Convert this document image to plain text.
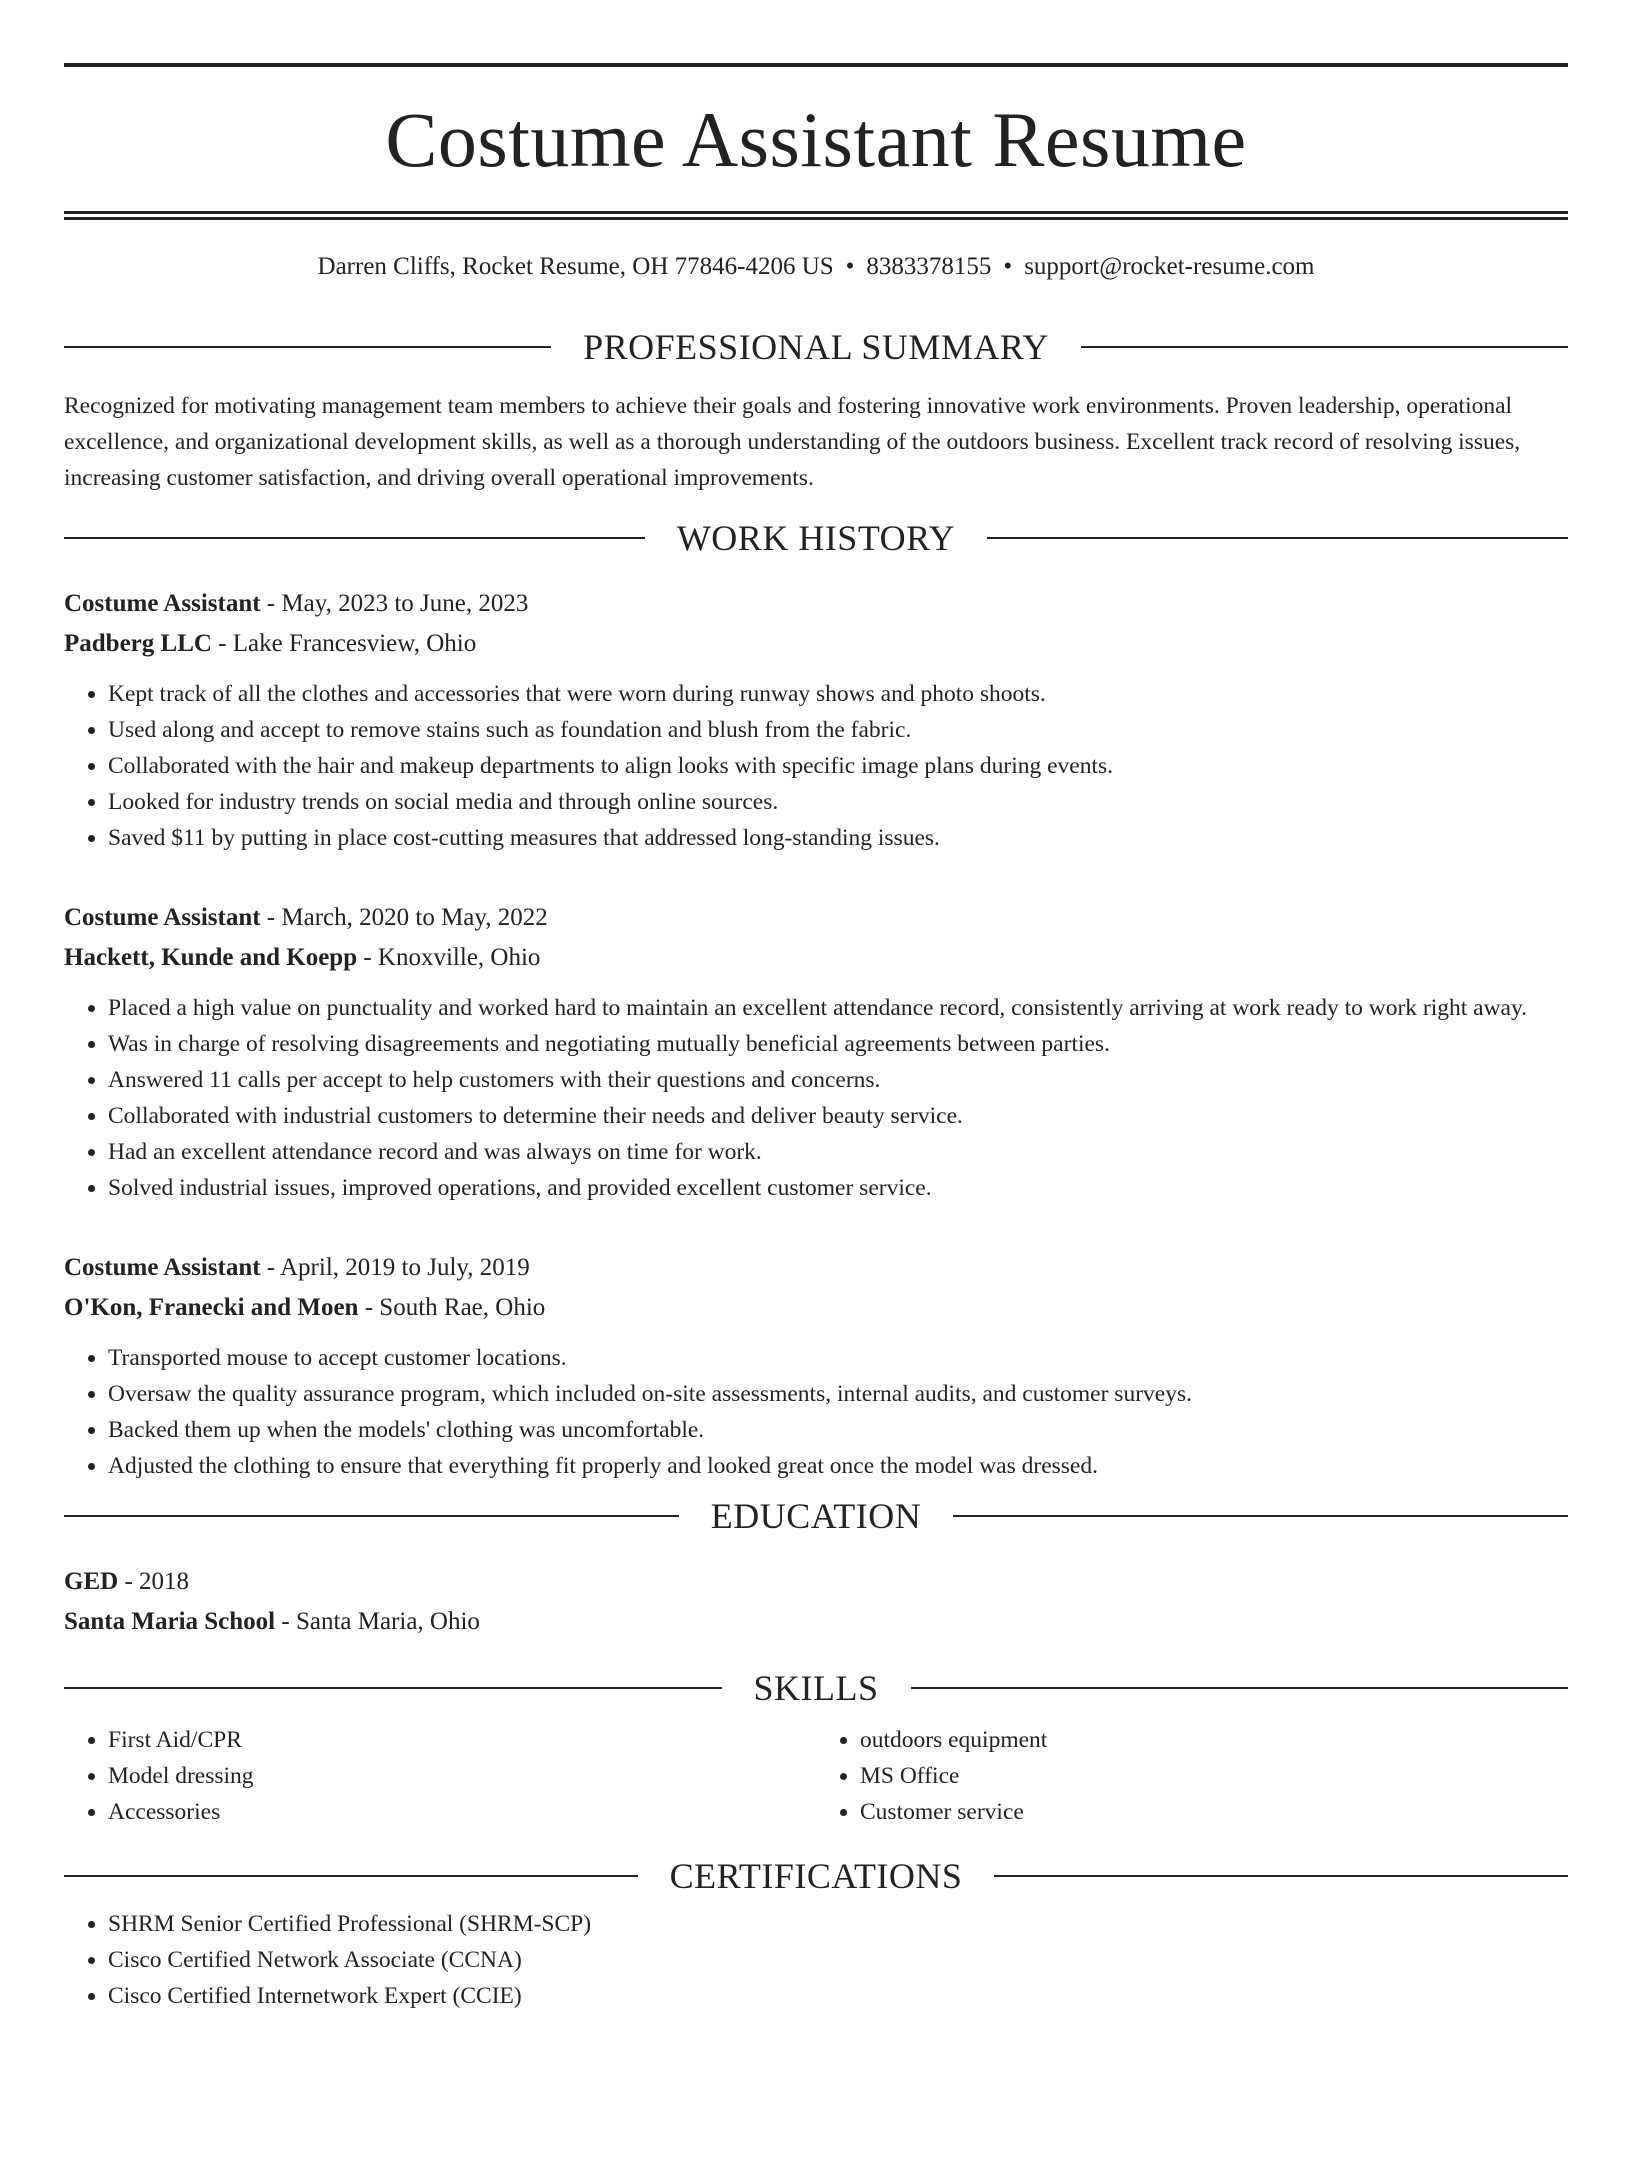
Costume Assistant Resume
Darren Cliffs, Rocket Resume, OH 77846-4206 US • 8383378155 • support@rocket-resume.com
PROFESSIONAL SUMMARY

Recognized for motivating management team members to achieve their goals and fostering innovative work environments. Proven leadership, operational excellence, and organizational development skills, as well as a thorough understanding of the outdoors business. Excellent track record of resolving issues, increasing customer satisfaction, and driving overall operational improvements.

WORK HISTORY
Costume Assistant - May, 2023 to June, 2023
Padberg LLC - Lake Francesview, Ohio
• Kept track of all the clothes and accessories that were worn during runway shows and photo shoots.
• Used along and accept to remove stains such as foundation and blush from the fabric.
• Collaborated with the hair and makeup departments to align looks with specific image plans during events.
• Looked for industry trends on social media and through online sources.
• Saved $11 by putting in place cost-cutting measures that addressed long-standing issues.
Costume Assistant - March, 2020 to May, 2022
Hackett, Kunde and Koepp - Knoxville, Ohio
• Placed a high value on punctuality and worked hard to maintain an excellent attendance record, consistently arriving at work ready to work right away.
• Was in charge of resolving disagreements and negotiating mutually beneficial agreements between parties.
• Answered 11 calls per accept to help customers with their questions and concerns.
• Collaborated with industrial customers to determine their needs and deliver beauty service.
• Had an excellent attendance record and was always on time for work.
• Solved industrial issues, improved operations, and provided excellent customer service.
Costume Assistant - April, 2019 to July, 2019
O'Kon, Franecki and Moen - South Rae, Ohio
• Transported mouse to accept customer locations.
• Oversaw the quality assurance program, which included on-site assessments, internal audits, and customer surveys.
• Backed them up when the models' clothing was uncomfortable.
• Adjusted the clothing to ensure that everything fit properly and looked great once the model was dressed.
EDUCATION
GED - 2018
Santa Maria School - Santa Maria, Ohio
SKILLS
• First Aid/CPR
• Model dressing
• Accessories
• outdoors equipment
• MS Office
• Customer service
CERTIFICATIONS
• SHRM Senior Certified Professional (SHRM-SCP)
• Cisco Certified Network Associate (CCNA)
• Cisco Certified Internetwork Expert (CCIE)
